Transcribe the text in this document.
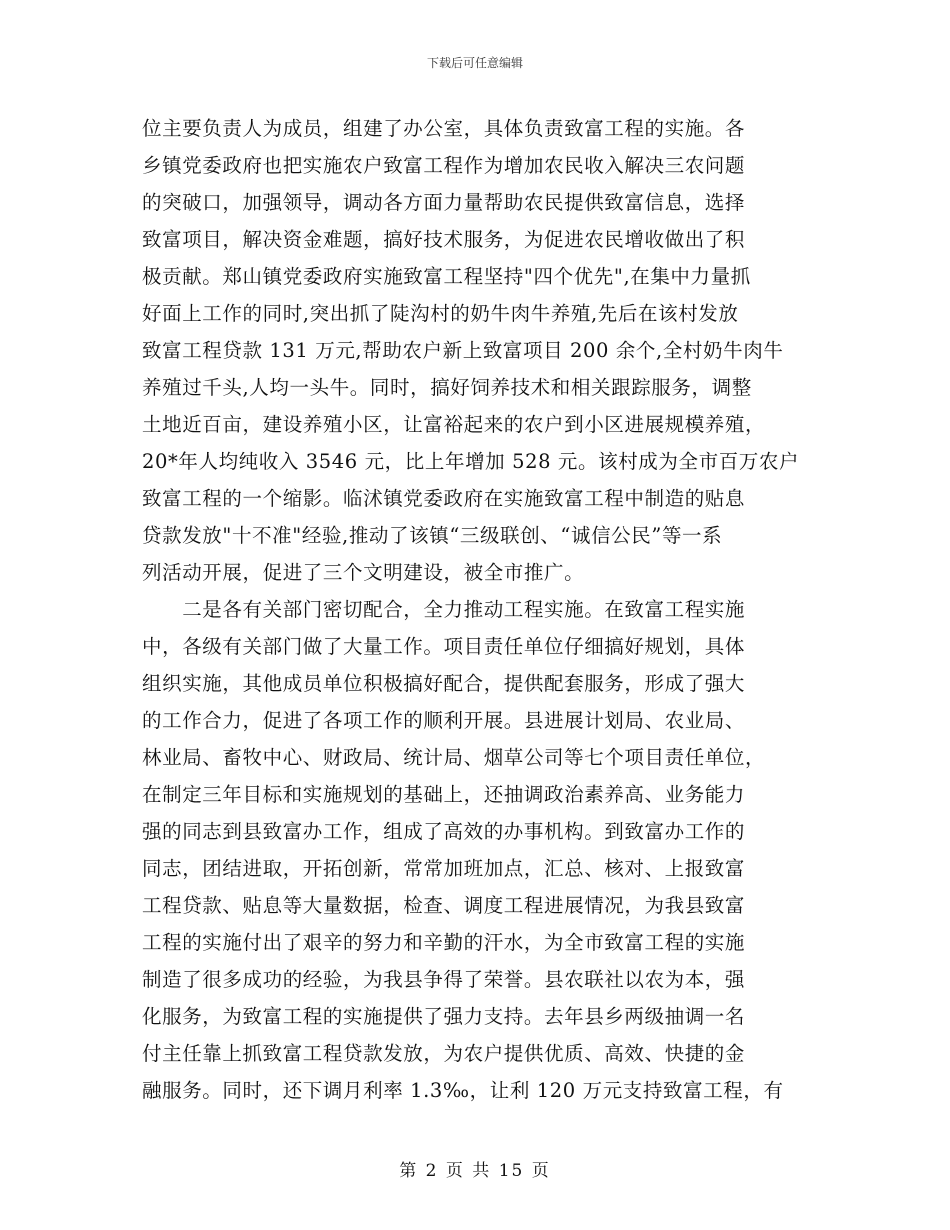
下载后可任意编辑
位主要负责人为成员，组建了办公室，具体负责致富工程的实施。各
乡镇党委政府也把实施农户致富工程作为增加农民收入解决三农问题
的突破口，加强领导，调动各方面力量帮助农民提供致富信息，选择
致富项目，解决资金难题，搞好技术服务，为促进农民增收做出了积
极贡献。郑山镇党委政府实施致富工程坚持"四个优先",在集中力量抓
好面上工作的同时,突出抓了陡沟村的奶牛肉牛养殖,先后在该村发放
致富工程贷款 131 万元,帮助农户新上致富项目 200 余个,全村奶牛肉牛
养殖过千头,人均一头牛。同时，搞好饲养技术和相关跟踪服务，调整
土地近百亩，建设养殖小区，让富裕起来的农户到小区进展规模养殖，
20*年人均纯收入 3546 元，比上年增加 528 元。该村成为全市百万农户
致富工程的一个缩影。临沭镇党委政府在实施致富工程中制造的贴息
贷款发放"十不准"经验,推动了该镇“三级联创、“诚信公民”等一系
列活动开展，促进了三个文明建设，被全市推广。
　　二是各有关部门密切配合，全力推动工程实施。在致富工程实施
中，各级有关部门做了大量工作。项目责任单位仔细搞好规划，具体
组织实施，其他成员单位积极搞好配合，提供配套服务，形成了强大
的工作合力，促进了各项工作的顺利开展。县进展计划局、农业局、
林业局、畜牧中心、财政局、统计局、烟草公司等七个项目责任单位，
在制定三年目标和实施规划的基础上，还抽调政治素养高、业务能力
强的同志到县致富办工作，组成了高效的办事机构。到致富办工作的
同志，团结进取，开拓创新，常常加班加点，汇总、核对、上报致富
工程贷款、贴息等大量数据，检查、调度工程进展情况，为我县致富
工程的实施付出了艰辛的努力和辛勤的汗水，为全市致富工程的实施
制造了很多成功的经验，为我县争得了荣誉。县农联社以农为本，强
化服务，为致富工程的实施提供了强力支持。去年县乡两级抽调一名
付主任靠上抓致富工程贷款发放，为农户提供优质、高效、快捷的金
融服务。同时，还下调月利率 1.3‰，让利 120 万元支持致富工程，有
第 2 页 共 15 页
